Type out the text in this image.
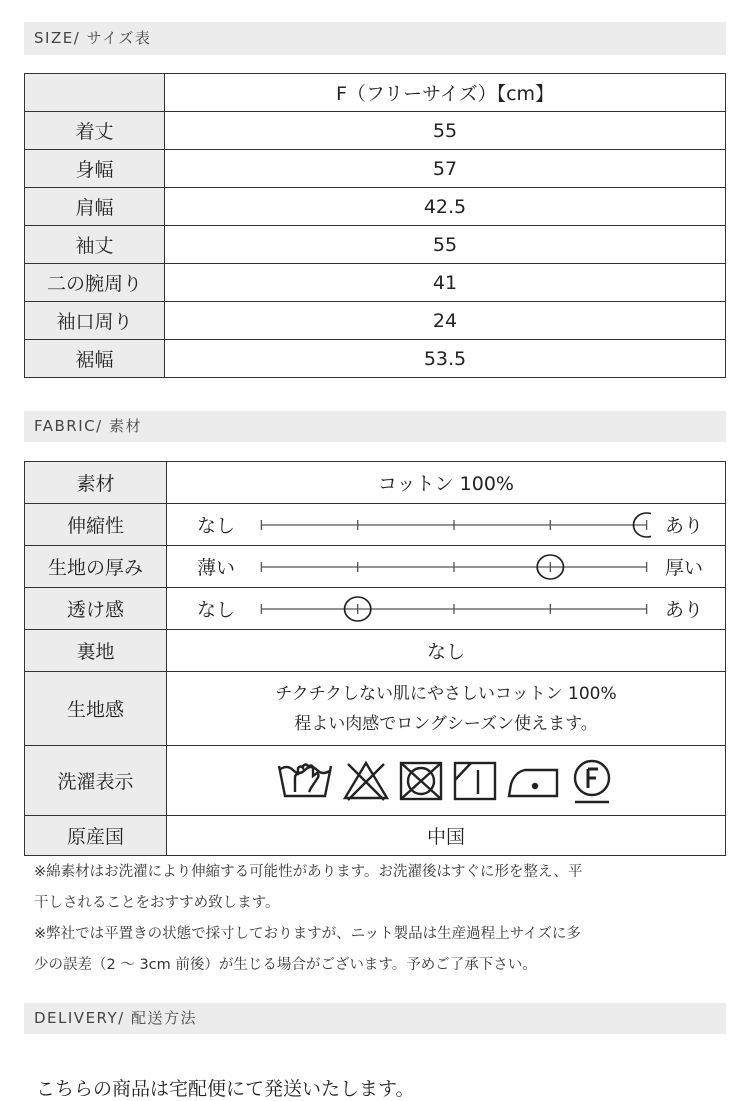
SIZE/ サイズ表
	F（フリーサイズ）【cm】
着丈	55
身幅	57
肩幅	42.5
袖丈	55
二の腕周り	41
袖口周り	24
裾幅	53.5
FABRIC/ 素材
素材	コットン 100%
伸縮性	なし あり

生地の厚み	薄い 厚い

透け感	なし あり

裏地	なし
生地感	チクチクしない肌にやさしいコットン 100%
程よい肉感でロングシーズン使えます。

洗濯表示	

原産国	中国
※綿素材はお洗濯により伸縮する可能性があります。お洗濯後はすぐに形を整え、平
干しされることをおすすめ致します。
※弊社では平置きの状態で採寸しておりますが、ニット製品は生産過程上サイズに多
少の誤差（2 ～ 3cm 前後）が生じる場合がございます。予めご了承下さい。
DELIVERY/ 配送方法
こちらの商品は宅配便にて発送いたします。
